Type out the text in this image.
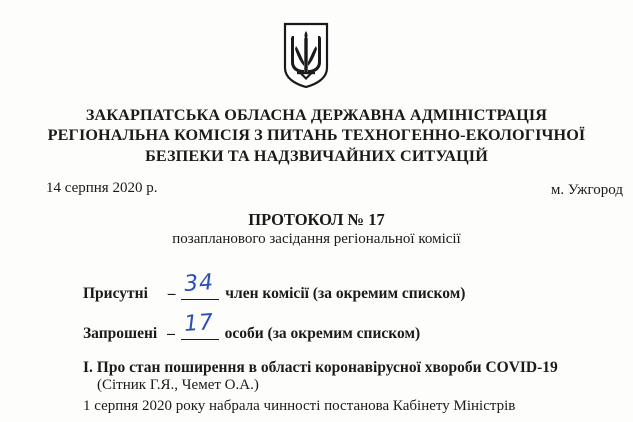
ЗАКАРПАТСЬКА ОБЛАСНА ДЕРЖАВНА АДМІНІСТРАЦІЯ
РЕГІОНАЛЬНА КОМІСІЯ З ПИТАНЬ ТЕХНОГЕННО-ЕКОЛОГІЧНОЇ
БЕЗПЕКИ ТА НАДЗВИЧАЙНИХ СИТУАЦІЙ
14 серпня 2020 р.	м. Ужгород
ПРОТОКОЛ № 17
позапланового засідання регіональної комісії
Присутні – 34 член комісії (за окремим списком)
Запрошені – 17 особи (за окремим списком)
І. Про стан поширення в області коронавірусної хвороби COVID-19
(Сітник Г.Я., Чемет О.А.)
1 серпня 2020 року набрала чинності постанова Кабінету Міністрів
